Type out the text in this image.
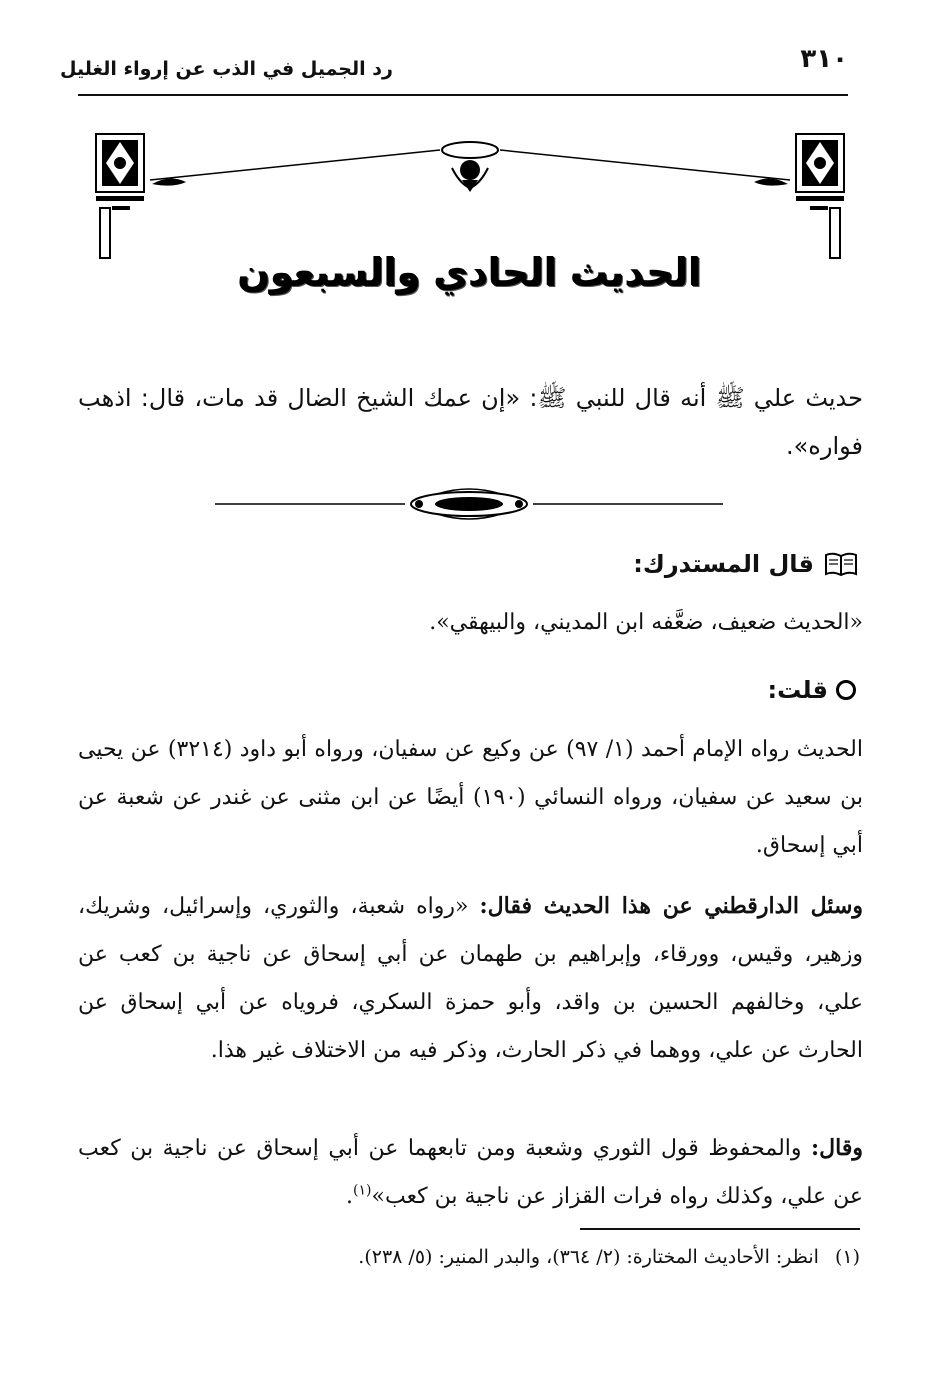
٣١٠
رد الجميل في الذب عن إرواء الغليل
الحديث الحادي والسبعون
حديث علي ﷺ أنه قال للنبي ﷺ: «إن عمك الشيخ الضال قد مات، قال: اذهب فواره».
قال المستدرك:
«الحديث ضعيف، ضعَّفه ابن المديني، والبيهقي».
قلت:
الحديث رواه الإمام أحمد (١/ ٩٧) عن وكيع عن سفيان، ورواه أبو داود (٣٢١٤) عن يحيى بن سعيد عن سفيان، ورواه النسائي (١٩٠) أيضًا عن ابن مثنى عن غندر عن شعبة عن أبي إسحاق.
وسئل الدارقطني عن هذا الحديث فقال: «رواه شعبة، والثوري، وإسرائيل، وشريك، وزهير، وقيس، وورقاء، وإبراهيم بن طهمان عن أبي إسحاق عن ناجية بن كعب عن علي، وخالفهم الحسين بن واقد، وأبو حمزة السكري، فروياه عن أبي إسحاق عن الحارث عن علي، ووهما في ذكر الحارث، وذكر فيه من الاختلاف غير هذا.
وقال: والمحفوظ قول الثوري وشعبة ومن تابعهما عن أبي إسحاق عن ناجية بن كعب عن علي، وكذلك رواه فرات القزاز عن ناجية بن كعب»$^{(١)}$.
(١)
انظر: الأحاديث المختارة: (٢/ ٣٦٤)، والبدر المنير: (٥/ ٢٣٨).
